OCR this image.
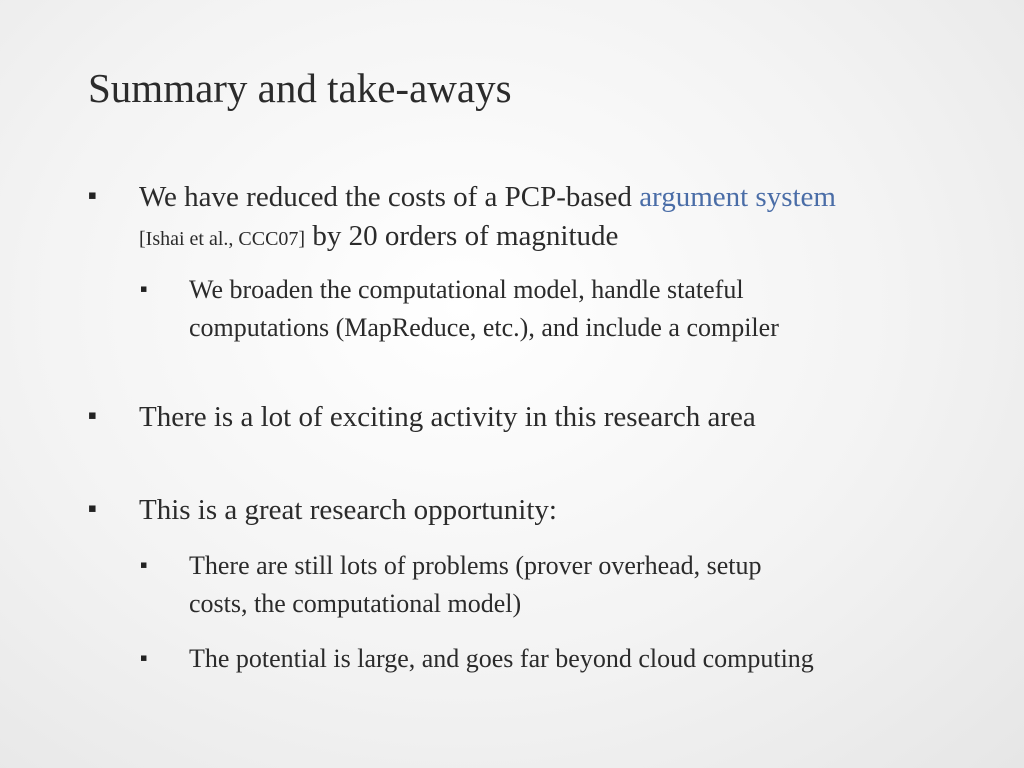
Summary and take-aways
▪ We have reduced the costs of a PCP-based argument system
[Ishai et al., CCC07] by 20 orders of magnitude
▪ We broaden the computational model, handle stateful
computations (MapReduce, etc.), and include a compiler
▪ There is a lot of exciting activity in this research area
▪ This is a great research opportunity:
▪ There are still lots of problems (prover overhead, setup
costs, the computational model)
▪ The potential is large, and goes far beyond cloud computing
